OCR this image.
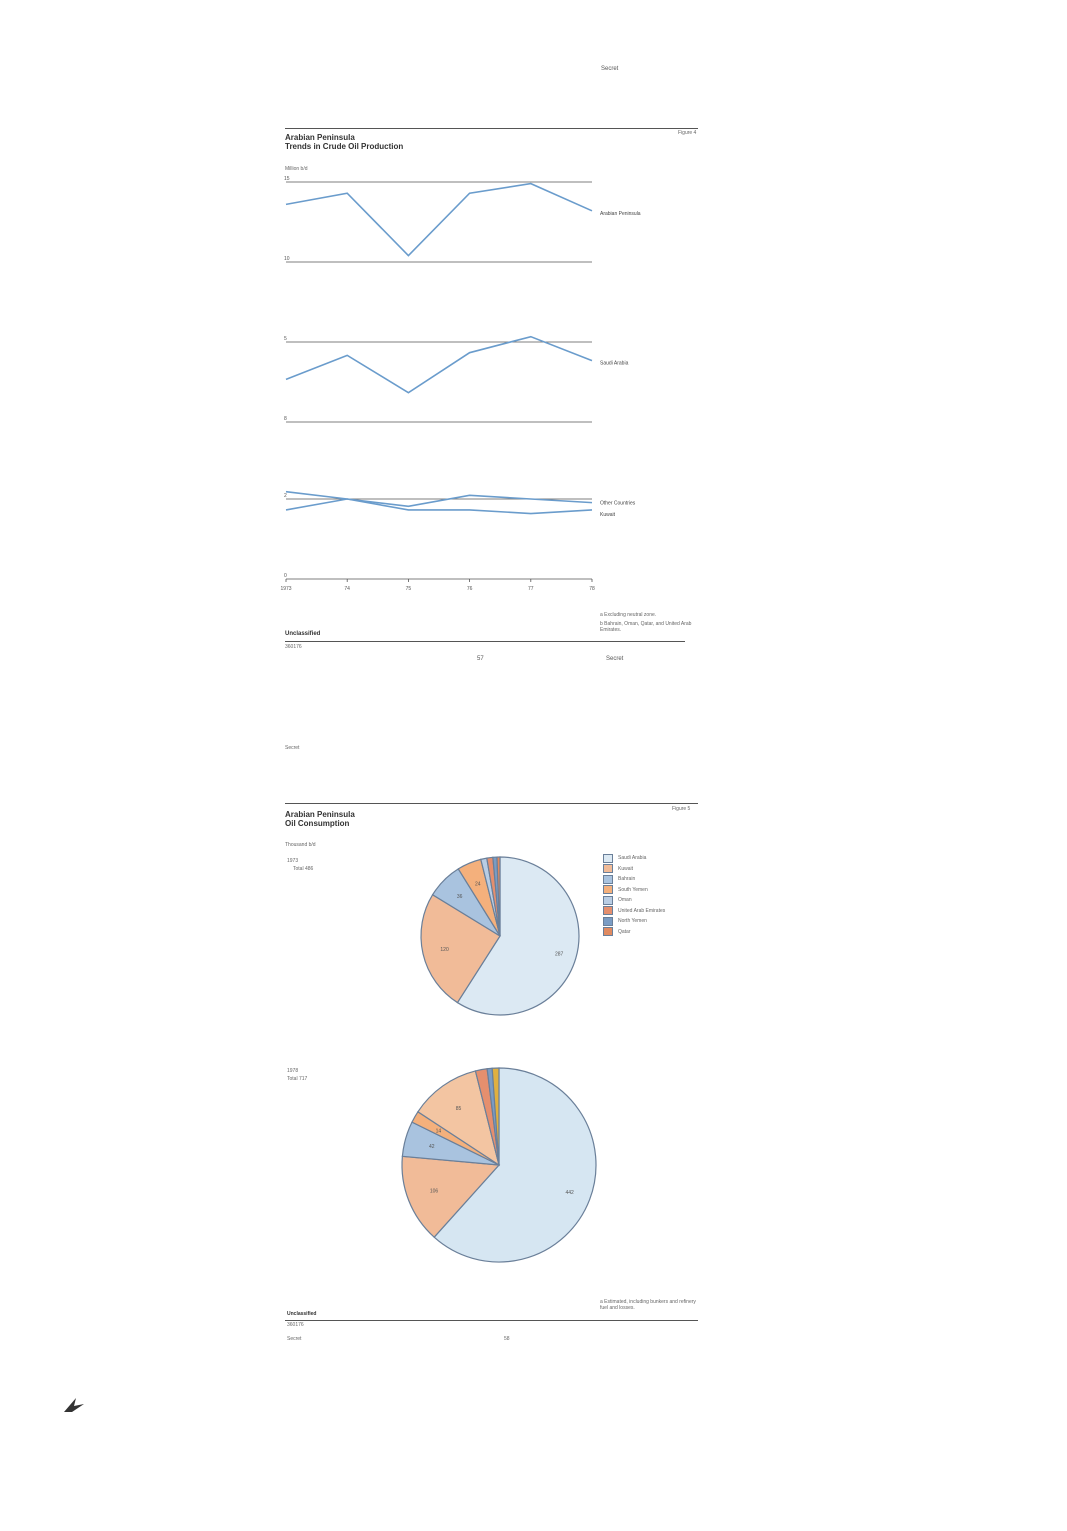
Secret
Figure 4
Arabian Peninsula
Trends in Crude Oil Production
Million b/d
15
10
Arabian Peninsula
5
8
Saudi Arabia
2
0
Other Countries
Kuwait
1973	74	75	76	77	78
a Excluding neutral zone.
b Bahrain, Oman, Qatar, and United Arab Emirates.
Unclassified
360176
57	Secret
Secret
Figure 5
Arabian Peninsula
Oil Consumption
Thousand b/d
1973
Total 486
1978
Total 717
287
120
36
24
442
106
42
14
85
Saudi Arabia
Kuwait
Bahrain
South Yemen
Oman
United Arab Emirates
North Yemen
Qatar
a Estimated, including bunkers and refinery fuel and losses.
Unclassified
360176
Secret	58
